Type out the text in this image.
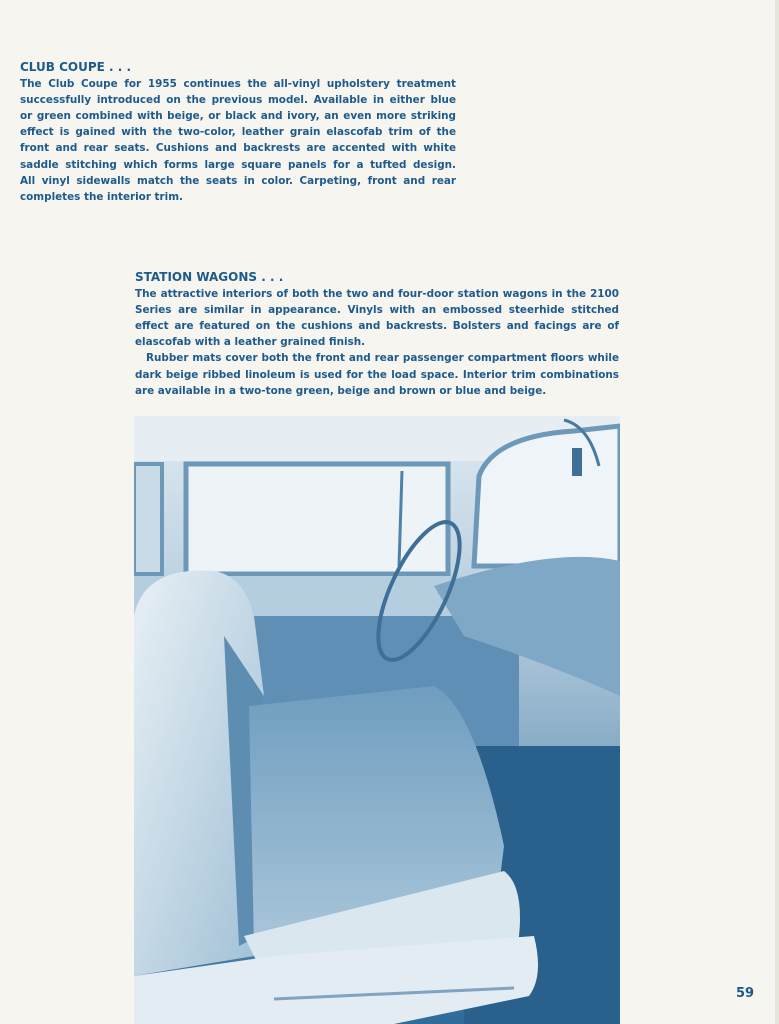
CLUB COUPE . . .
The Club Coupe for 1955 continues the all-vinyl upholstery treatment
successfully introduced on the previous model. Available in either blue
or green combined with beige, or black and ivory, an even more striking
effect is gained with the two-color, leather grain elascofab trim of the
front and rear seats. Cushions and backrests are accented with white
saddle stitching which forms large square panels for a tufted design.
All vinyl sidewalls match the seats in color. Carpeting, front and rear
completes the interior trim.
STATION WAGONS . . .
The attractive interiors of both the two and four-door station wagons in the 2100
Series are similar in appearance. Vinyls with an embossed steerhide stitched
effect are featured on the cushions and backrests. Bolsters and facings are of
elascofab with a leather grained finish.
Rubber mats cover both the front and rear passenger compartment floors while
dark beige ribbed linoleum is used for the load space. Interior trim combinations
are available in a two-tone green, beige and brown or blue and beige.
59
